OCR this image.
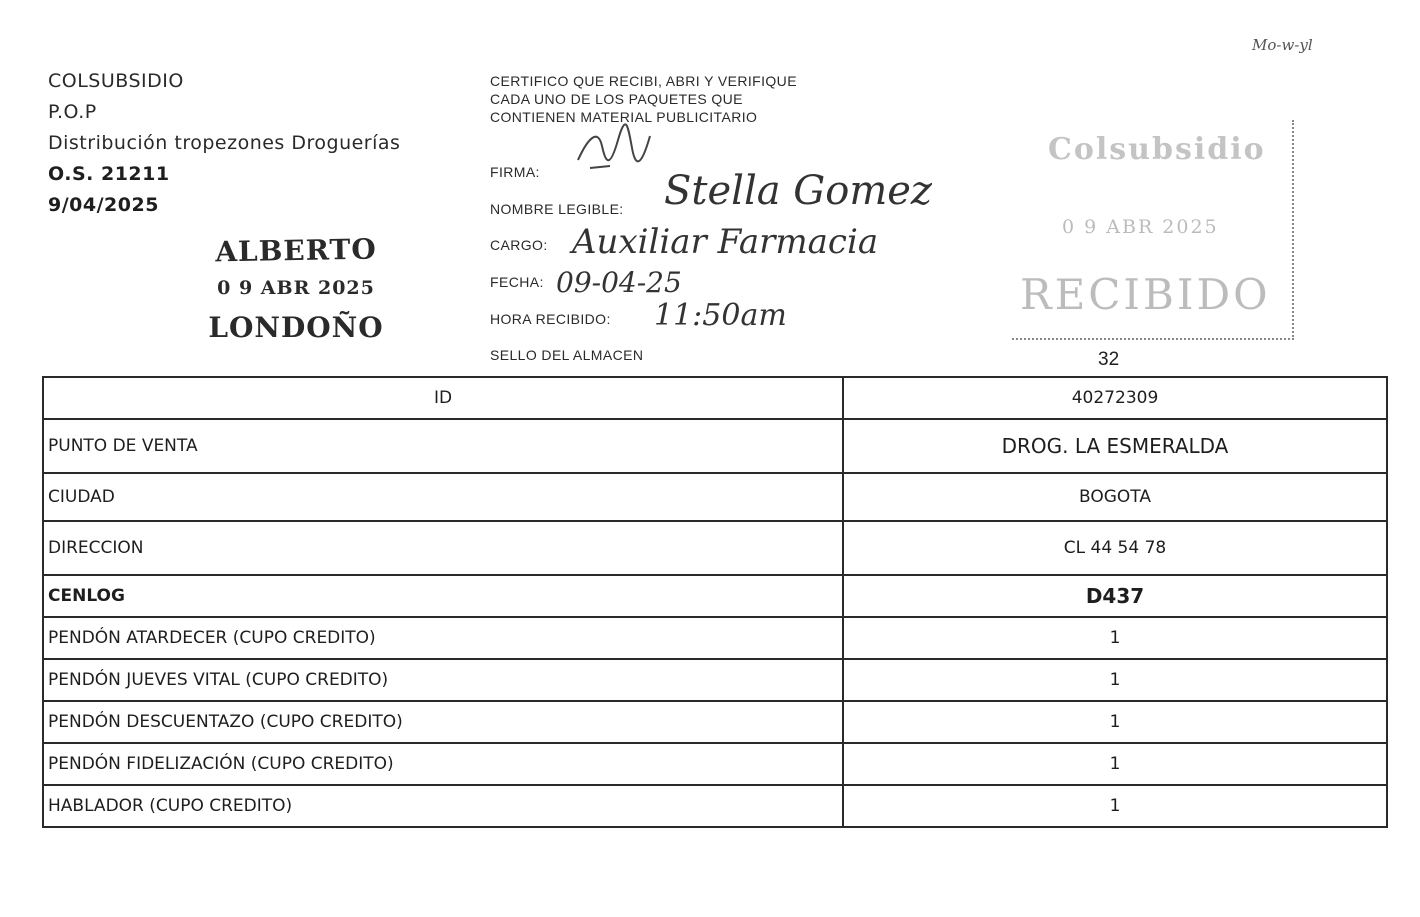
Mo-w-yl
COLSUBSIDIO
P.O.P
Distribución tropezones Droguerías
O.S. 21211
9/04/2025
ALBERTO
0 9 ABR 2025
LONDOÑO
CERTIFICO QUE RECIBI, ABRI Y VERIFIQUE CADA UNO DE LOS PAQUETES QUE CONTIENEN MATERIAL PUBLICITARIO
FIRMA:
NOMBRE LEGIBLE: Stella Gomez
CARGO: Auxiliar Farmacia
FECHA: 09-04-25
HORA RECIBIDO: 11:50am
SELLO DEL ALMACEN
Colsubsidio
0 9 ABR 2025
RECIBIDO
32
ID	40272309
PUNTO DE VENTA	DROG. LA ESMERALDA
CIUDAD	BOGOTA
DIRECCION	CL 44 54 78
CENLOG	D437
PENDÓN ATARDECER (CUPO CREDITO)	1
PENDÓN JUEVES VITAL (CUPO CREDITO)	1
PENDÓN DESCUENTAZO (CUPO CREDITO)	1
PENDÓN FIDELIZACIÓN (CUPO CREDITO)	1
HABLADOR (CUPO CREDITO)	1
